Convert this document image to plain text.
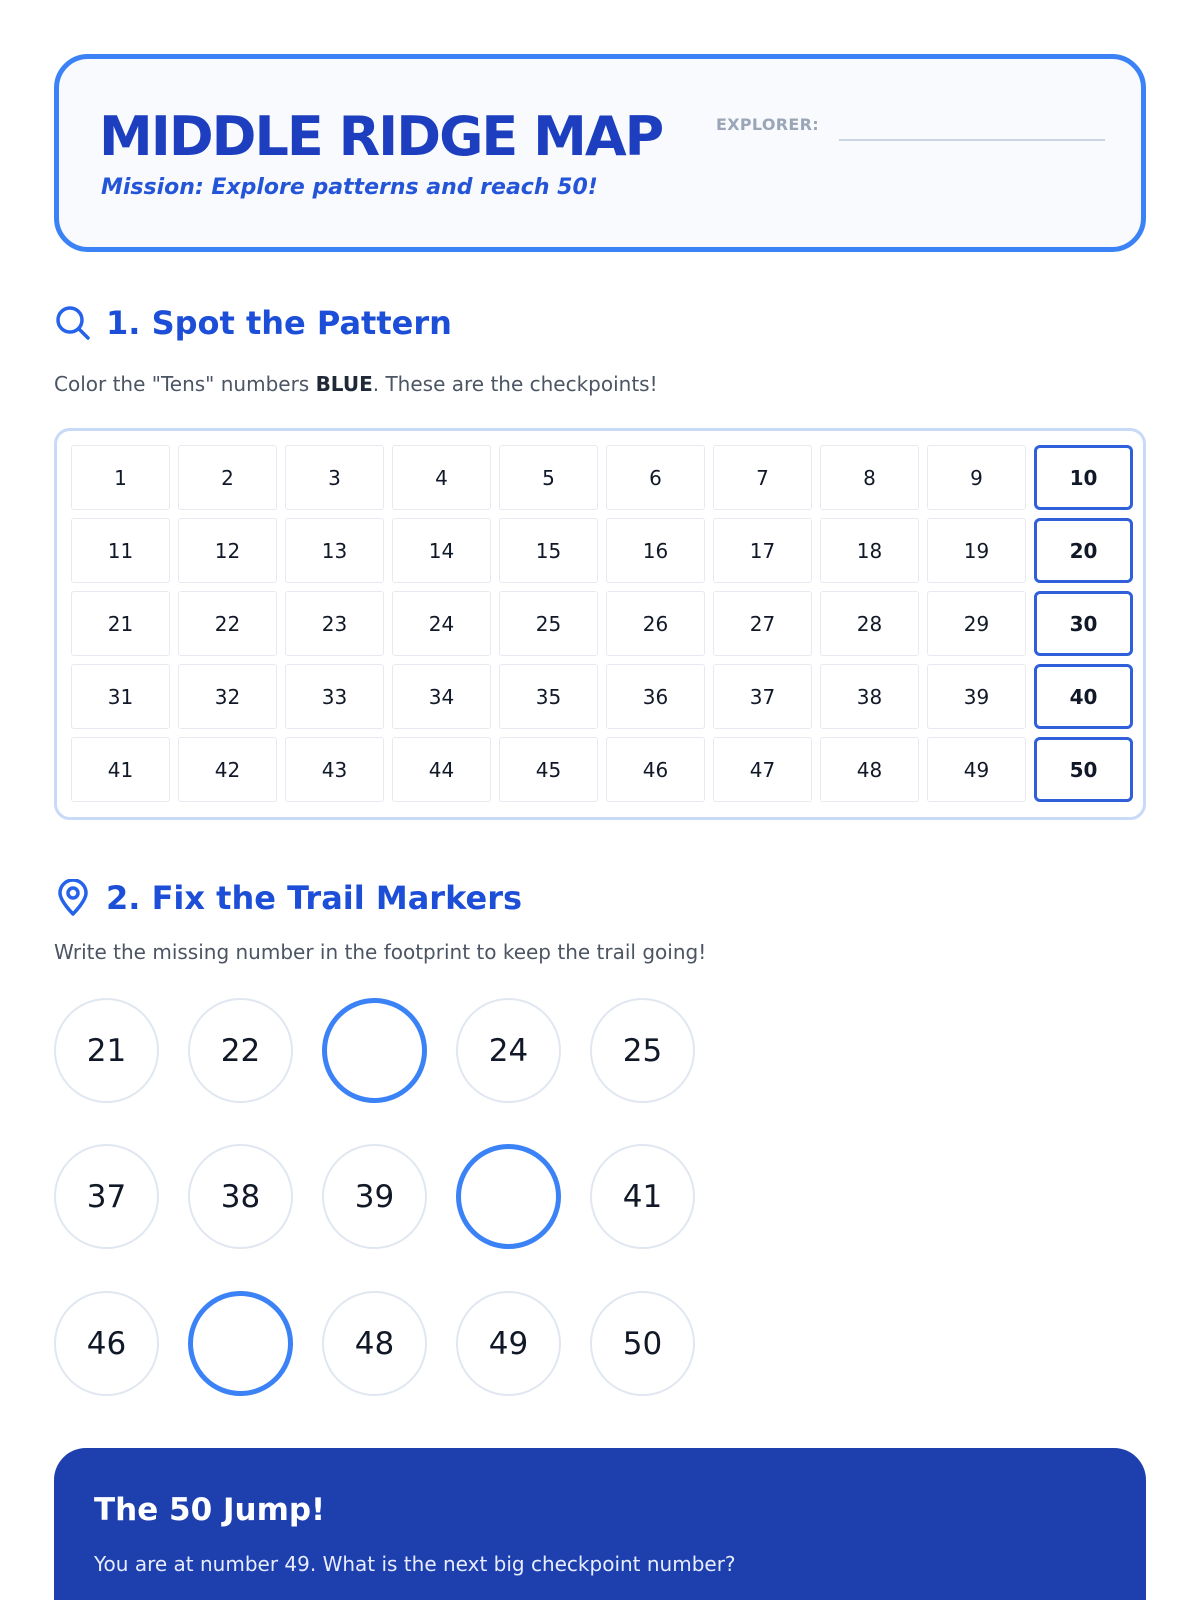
MIDDLE RIDGE MAP
Mission: Explore patterns and reach 50!
EXPLORER:
1. Spot the Pattern
Color the "Tens" numbers BLUE. These are the checkpoints!
1	2	3	4	5	6	7	8	9	10
11	12	13	14	15	16	17	18	19	20
21	22	23	24	25	26	27	28	29	30
31	32	33	34	35	36	37	38	39	40
41	42	43	44	45	46	47	48	49	50
2. Fix the Trail Markers
Write the missing number in the footprint to keep the trail going!
21	22	24	25
37	38	39	41
46	48	49	50
The 50 Jump!
You are at number 49. What is the next big checkpoint number?
